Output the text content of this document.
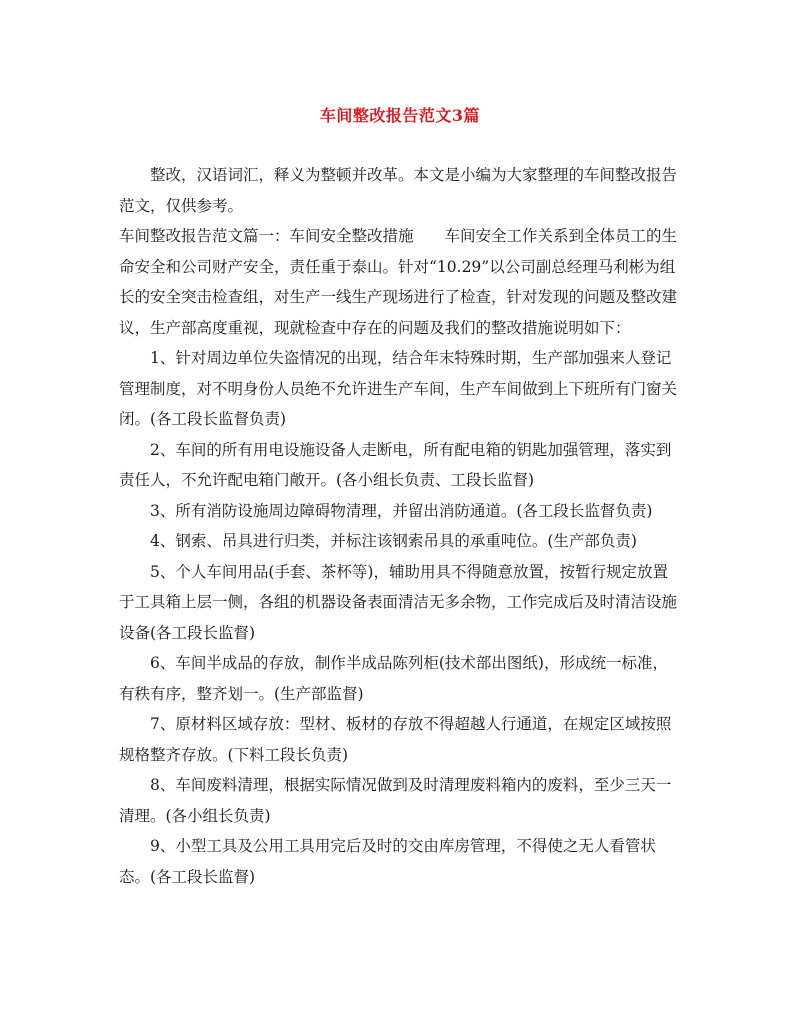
车间整改报告范文3篇

整改，汉语词汇，释义为整顿并改革。本文是小编为大家整理的车间整改报告范文，仅供参考。

车间整改报告范文篇一：车间安全整改措施　　车间安全工作关系到全体员工的生命安全和公司财产安全，责任重于泰山。针对“10.29”以公司副总经理马利彬为组长的安全突击检查组，对生产一线生产现场进行了检查，针对发现的问题及整改建议，生产部高度重视，现就检查中存在的问题及我们的整改措施说明如下：

1、针对周边单位失盗情况的出现，结合年末特殊时期，生产部加强来人登记管理制度，对不明身份人员绝不允许进生产车间，生产车间做到上下班所有门窗关闭。(各工段长监督负责)

2、车间的所有用电设施设备人走断电，所有配电箱的钥匙加强管理，落实到责任人，不允许配电箱门敞开。(各小组长负责、工段长监督)

3、所有消防设施周边障碍物清理，并留出消防通道。(各工段长监督负责)

4、钢索、吊具进行归类，并标注该钢索吊具的承重吨位。(生产部负责)

5、个人车间用品(手套、茶杯等)，辅助用具不得随意放置，按暂行规定放置于工具箱上层一侧，各组的机器设备表面清洁无多余物，工作完成后及时清洁设施设备(各工段长监督)

6、车间半成品的存放，制作半成品陈列柜(技术部出图纸)，形成统一标准，有秩有序，整齐划一。(生产部监督)

7、原材料区域存放：型材、板材的存放不得超越人行通道，在规定区域按照规格整齐存放。(下料工段长负责)

8、车间废料清理，根据实际情况做到及时清理废料箱内的废料，至少三天一清理。(各小组长负责)

9、小型工具及公用工具用完后及时的交由库房管理，不得使之无人看管状态。(各工段长监督)
